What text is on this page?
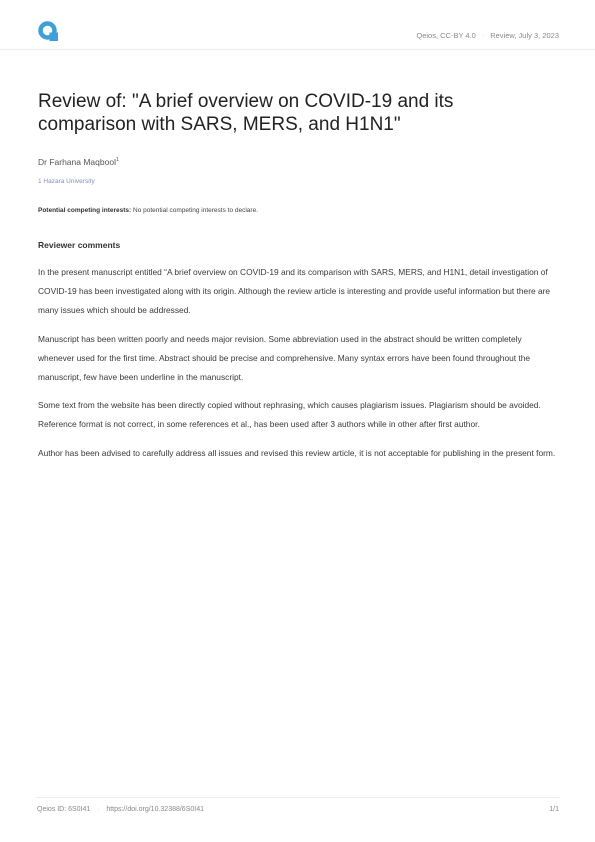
Qeios, CC-BY 4.0 · Review, July 3, 2023
Review of: "A brief overview on COVID-19 and its comparison with SARS, MERS, and H1N1"
Dr Farhana Maqbool$^1$
1 Hazara University
Potential competing interests: No potential competing interests to declare.
Reviewer comments

In the present manuscript entitled “A brief overview on COVID-19 and its comparison with SARS, MERS, and H1N1, detail investigation of COVID-19 has been investigated along with its origin. Although the review article is interesting and provide useful information but there are many issues which should be addressed.

Manuscript has been written poorly and needs major revision. Some abbreviation used in the abstract should be written completely whenever used for the first time. Abstract should be precise and comprehensive. Many syntax errors have been found throughout the manuscript, few have been underline in the manuscript.

Some text from the website has been directly copied without rephrasing, which causes plagiarism issues. Plagiarism should be avoided. Reference format is not correct, in some references et al., has been used after 3 authors while in other after first author.

Author has been advised to carefully address all issues and revised this review article, it is not acceptable for publishing in the present form.

Qeios ID: 6S0I41 · https://doi.org/10.32388/6S0I41	1/1
